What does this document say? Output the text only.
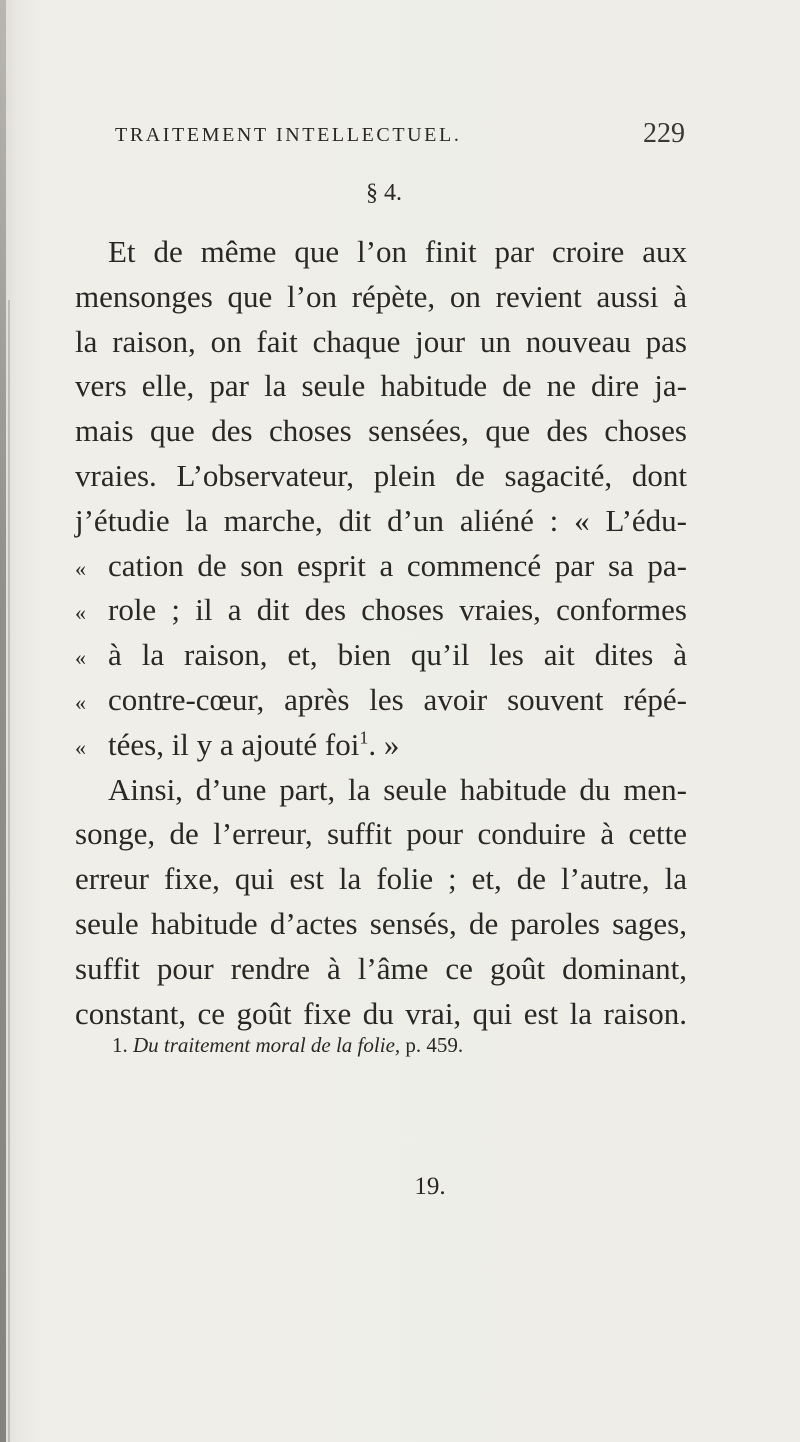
TRAITEMENT INTELLECTUEL.	229
§ 4.
Et de même que l’on finit par croire aux
mensonges que l’on répète, on revient aussi à
la raison, on fait chaque jour un nouveau pas
vers elle, par la seule habitude de ne dire ja-
mais que des choses sensées, que des choses
vraies. L’observateur, plein de sagacité, dont
j’étudie la marche, dit d’un aliéné : « L’édu-
« cation de son esprit a commencé par sa pa-
« role ; il a dit des choses vraies, conformes
« à la raison, et, bien qu’il les ait dites à
« contre-cœur, après les avoir souvent répé-
« tées, il y a ajouté foi$^1$. »
Ainsi, d’une part, la seule habitude du men-
songe, de l’erreur, suffit pour conduire à cette
erreur fixe, qui est la folie ; et, de l’autre, la
seule habitude d’actes sensés, de paroles sages,
suffit pour rendre à l’âme ce goût dominant,
constant, ce goût fixe du vrai, qui est la raison.
1. Du traitement moral de la folie, p. 459.
19.
